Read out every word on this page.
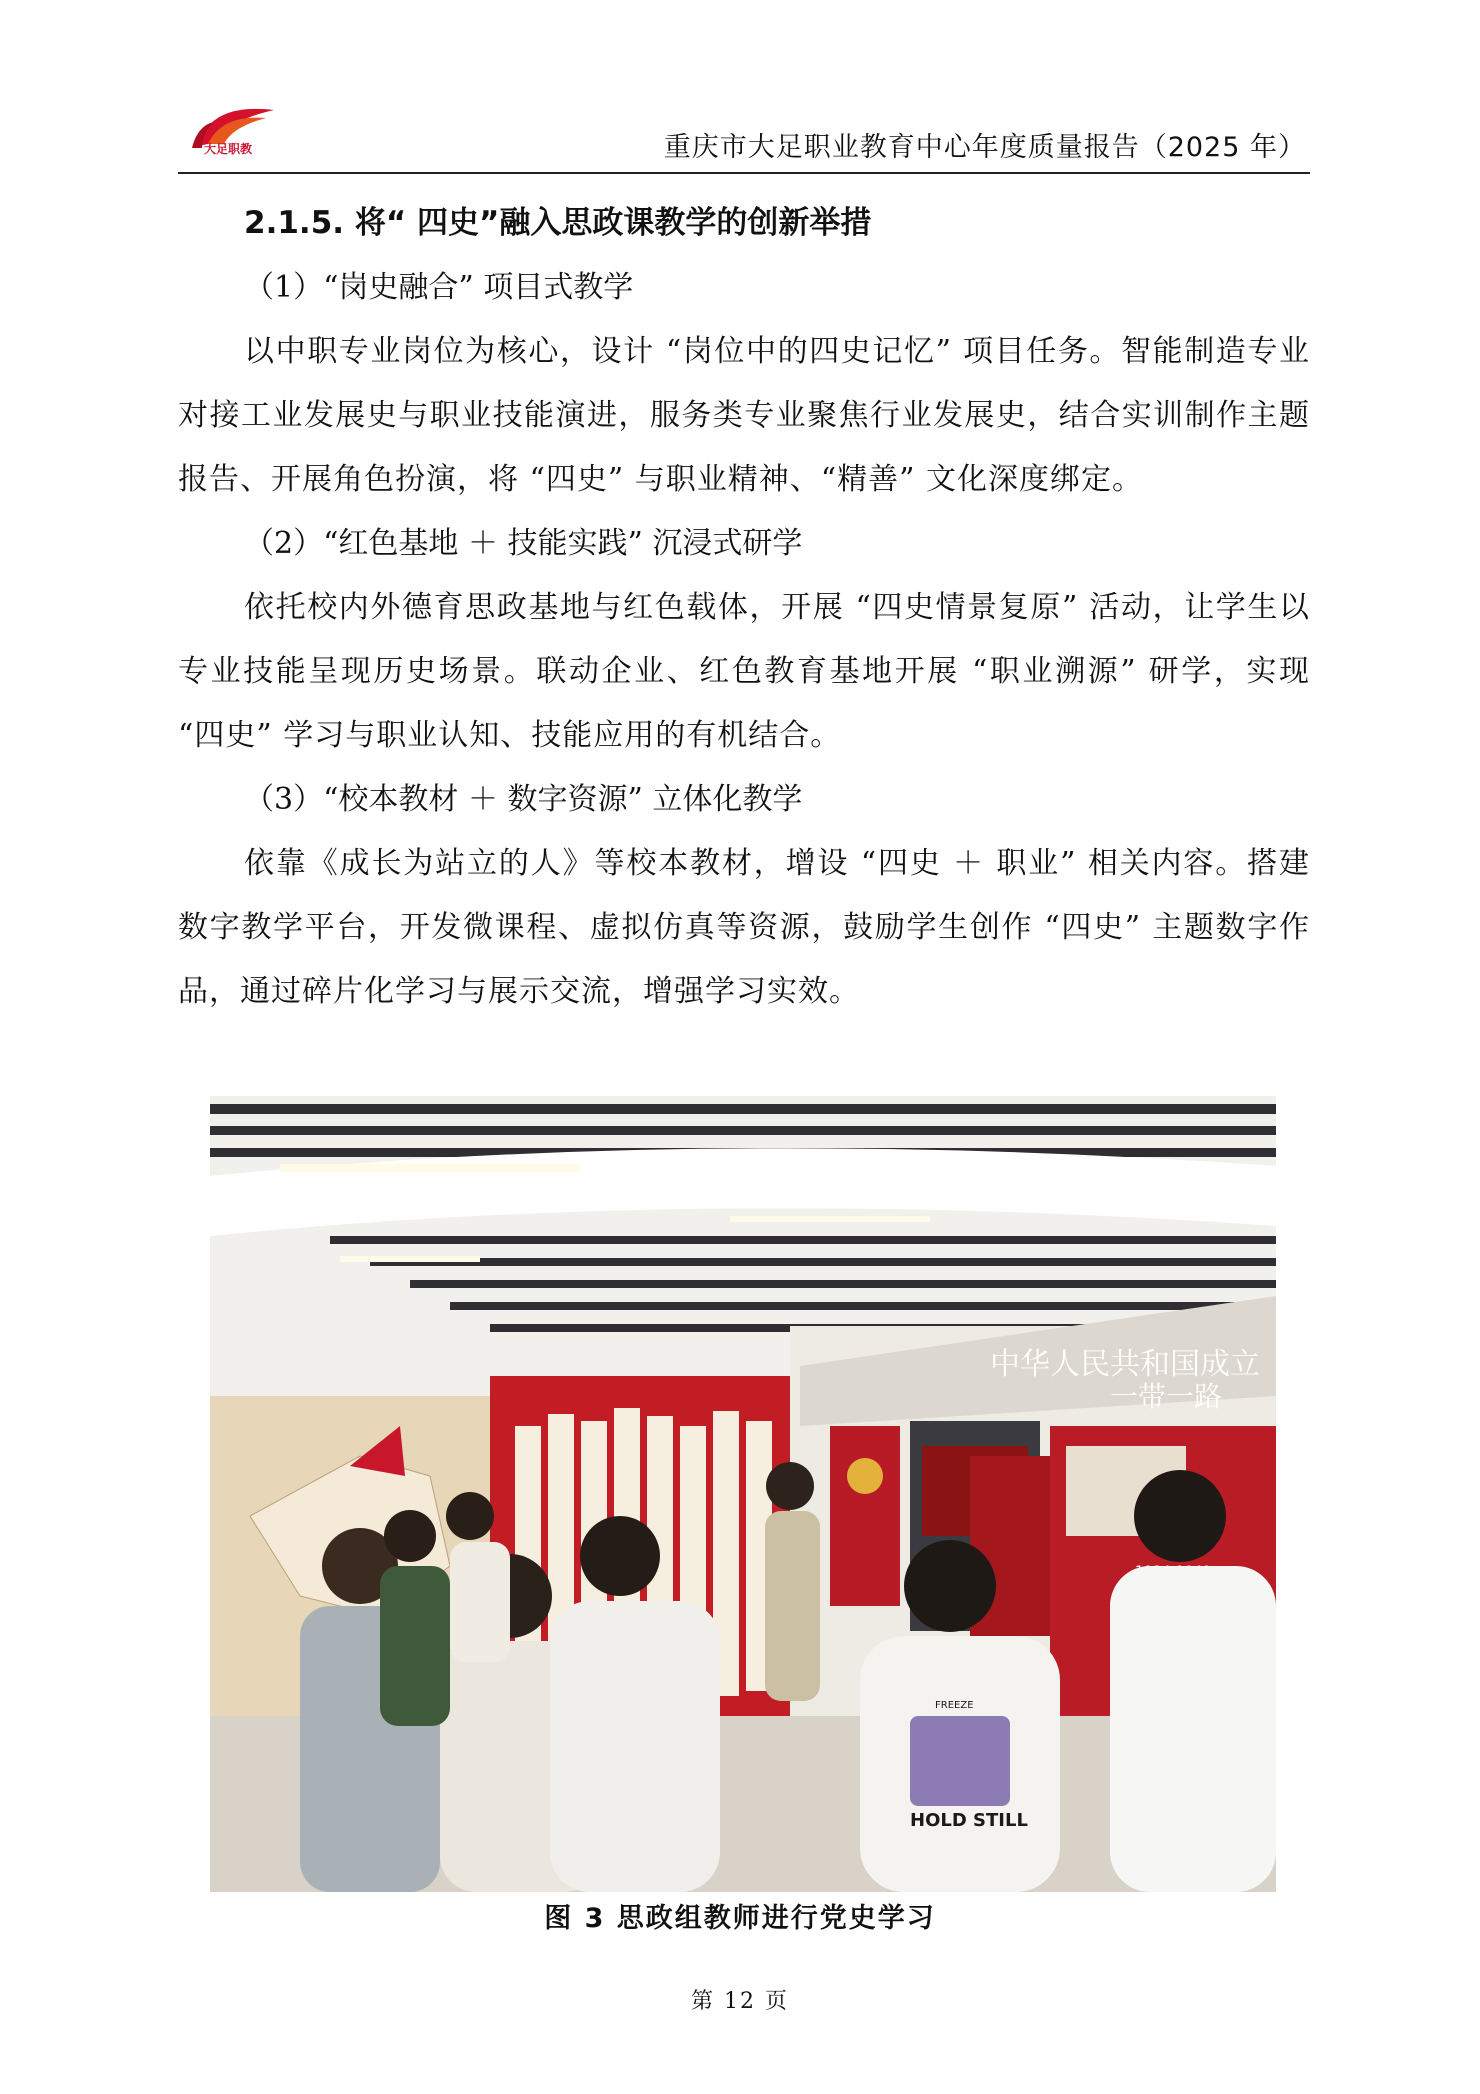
大足职教	重庆市大足职业教育中心年度质量报告（2025 年）
2.1.5. 将“ 四史”融入思政课教学的创新举措
（1）“岗史融合” 项目式教学

以中职专业岗位为核心，设计 “岗位中的四史记忆” 项目任务。智能制造专业对接工业发展史与职业技能演进，服务类专业聚焦行业发展史，结合实训制作主题报告、开展角色扮演，将 “四史” 与职业精神、“精善” 文化深度绑定。

（2）“红色基地 ＋ 技能实践” 沉浸式研学

依托校内外德育思政基地与红色载体，开展 “四史情景复原” 活动，让学生以专业技能呈现历史场景。联动企业、红色教育基地开展 “职业溯源” 研学，实现 “四史” 学习与职业认知、技能应用的有机结合。

（3）“校本教材 ＋ 数字资源” 立体化教学

依靠《成长为站立的人》等校本教材，增设 “四史 ＋ 职业” 相关内容。搭建数字教学平台，开发微课程、虚拟仿真等资源，鼓励学生创作 “四史” 主题数字作品，通过碎片化学习与展示交流，增强学习实效。

中华人民共和国成立
一带一路
HOLD STILL
FREEZE
图 3 思政组教师进行党史学习
第 12 页
